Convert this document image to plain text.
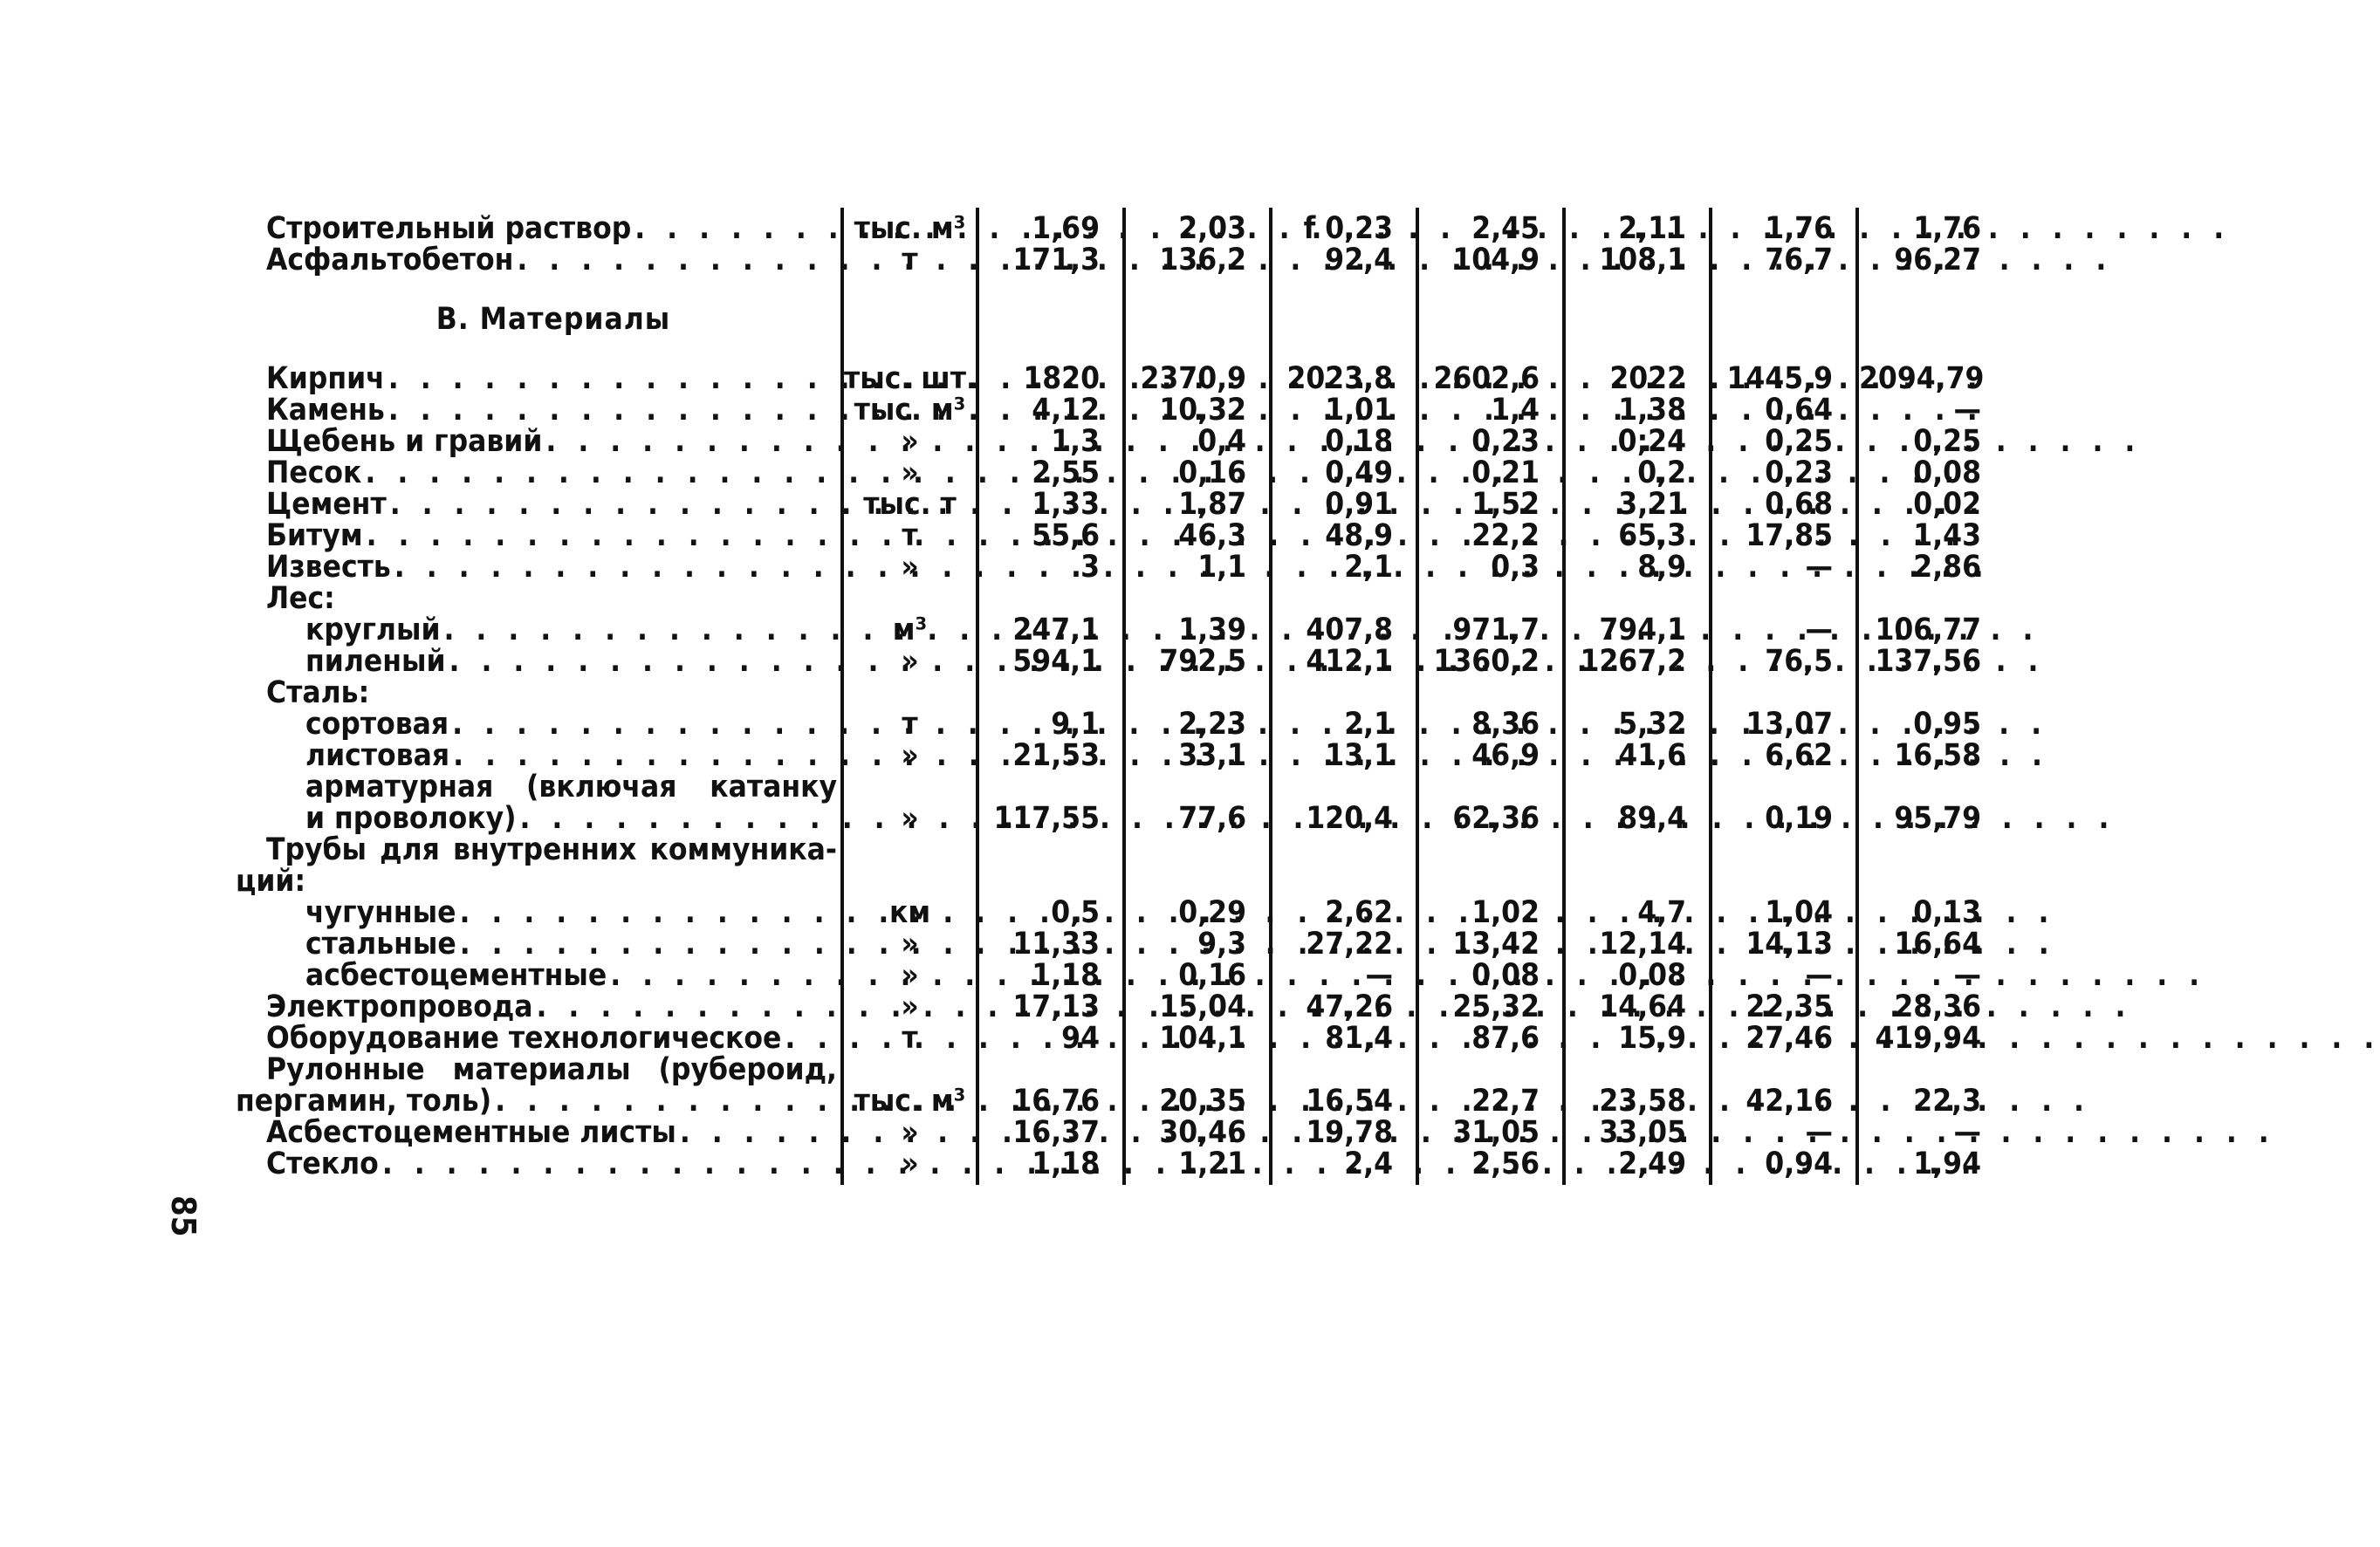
Строительный раствор
. . .	тыс. м³	1,69	2,03	f 0,23	2,45	2,11	1,76	1,76

Асфальтобетон
. . .	т	171,3	136,2	92,4	104,9	108,1	76,7	96,27
В. Материалы								

Кирпич
. . .	тыс. шт.	1820	2370,9	2023,8	2602,6	2022	1445,9	2094,79

Камень
. . .	тыс. м³	4,12	10,32	1,01	1,4	1,38	0,64	—

Щебень и гравий
. . .	»	1,3	0,4	0,18	0,23	0;24	0,25	0,25

Песок
. . .	»	2,55	0,16	0,49	0,21	0,2	0,23	0,08

Цемент
. . .	тыс. т	1,33	1,87	0,91	1,52	3,21	0,68	0,02

Битум
. . .	т	55,6	46,3	48,9	22,2	65,3	17,85	1,43

Известь
. . .	»	3	1,1	2,1	0,3	8,9	—	2,86

Лес:								

круглый
. . .	м³	247,1	1,39	407,8	971,7	794,1	—	106,77

пиленый
. . .	»	594,1	792,5	412,1	1360,2	1267,2	76,5	137,56

Сталь:								

сортовая
. . .	т	9,1	2,23	2,1	8,36	5,32	13,07	0,95

листовая
. . .	»	21,53	33,1	13,1	46,9	41,6	6,62	16,58

арматурная (включая катанку								

и проволоку)
. . .	»	117,55	77,6	120,4	62,36	89,4	0,19	95,79

Трубы для внутренних коммуника-								

ций:								

чугунные
. . .	км	0,5	0,29	2,62	1,02	4,7	1,04	0,13

стальные
. . .	»	11,33	9,3	27,22	13,42	12,14	14,13	16,64

асбестоцементные
. . .	»	1,18	0,16	—	0,08	0,08	—	—

Электропровода
. . .	»	17,13	15,04	47,26	25,32	14,64	22,35	28,36

Оборудование технологическое
. . .	т	94	104,1	81,4	87,6	15,9	27,46	419,94

Рулонные материалы (рубероид,								

пергамин, толь)
. . .	тыс. м³	16,76	20,35	16,54	22,7	23,58	42,16	22,3

Асбестоцементные листы
. . .	»	16,37	30,46	19,78	31,05	33,05	—	—

Стекло
. . .	»	1,18	1,21	2,4	2,56	2,49	0,94	1,94

85
